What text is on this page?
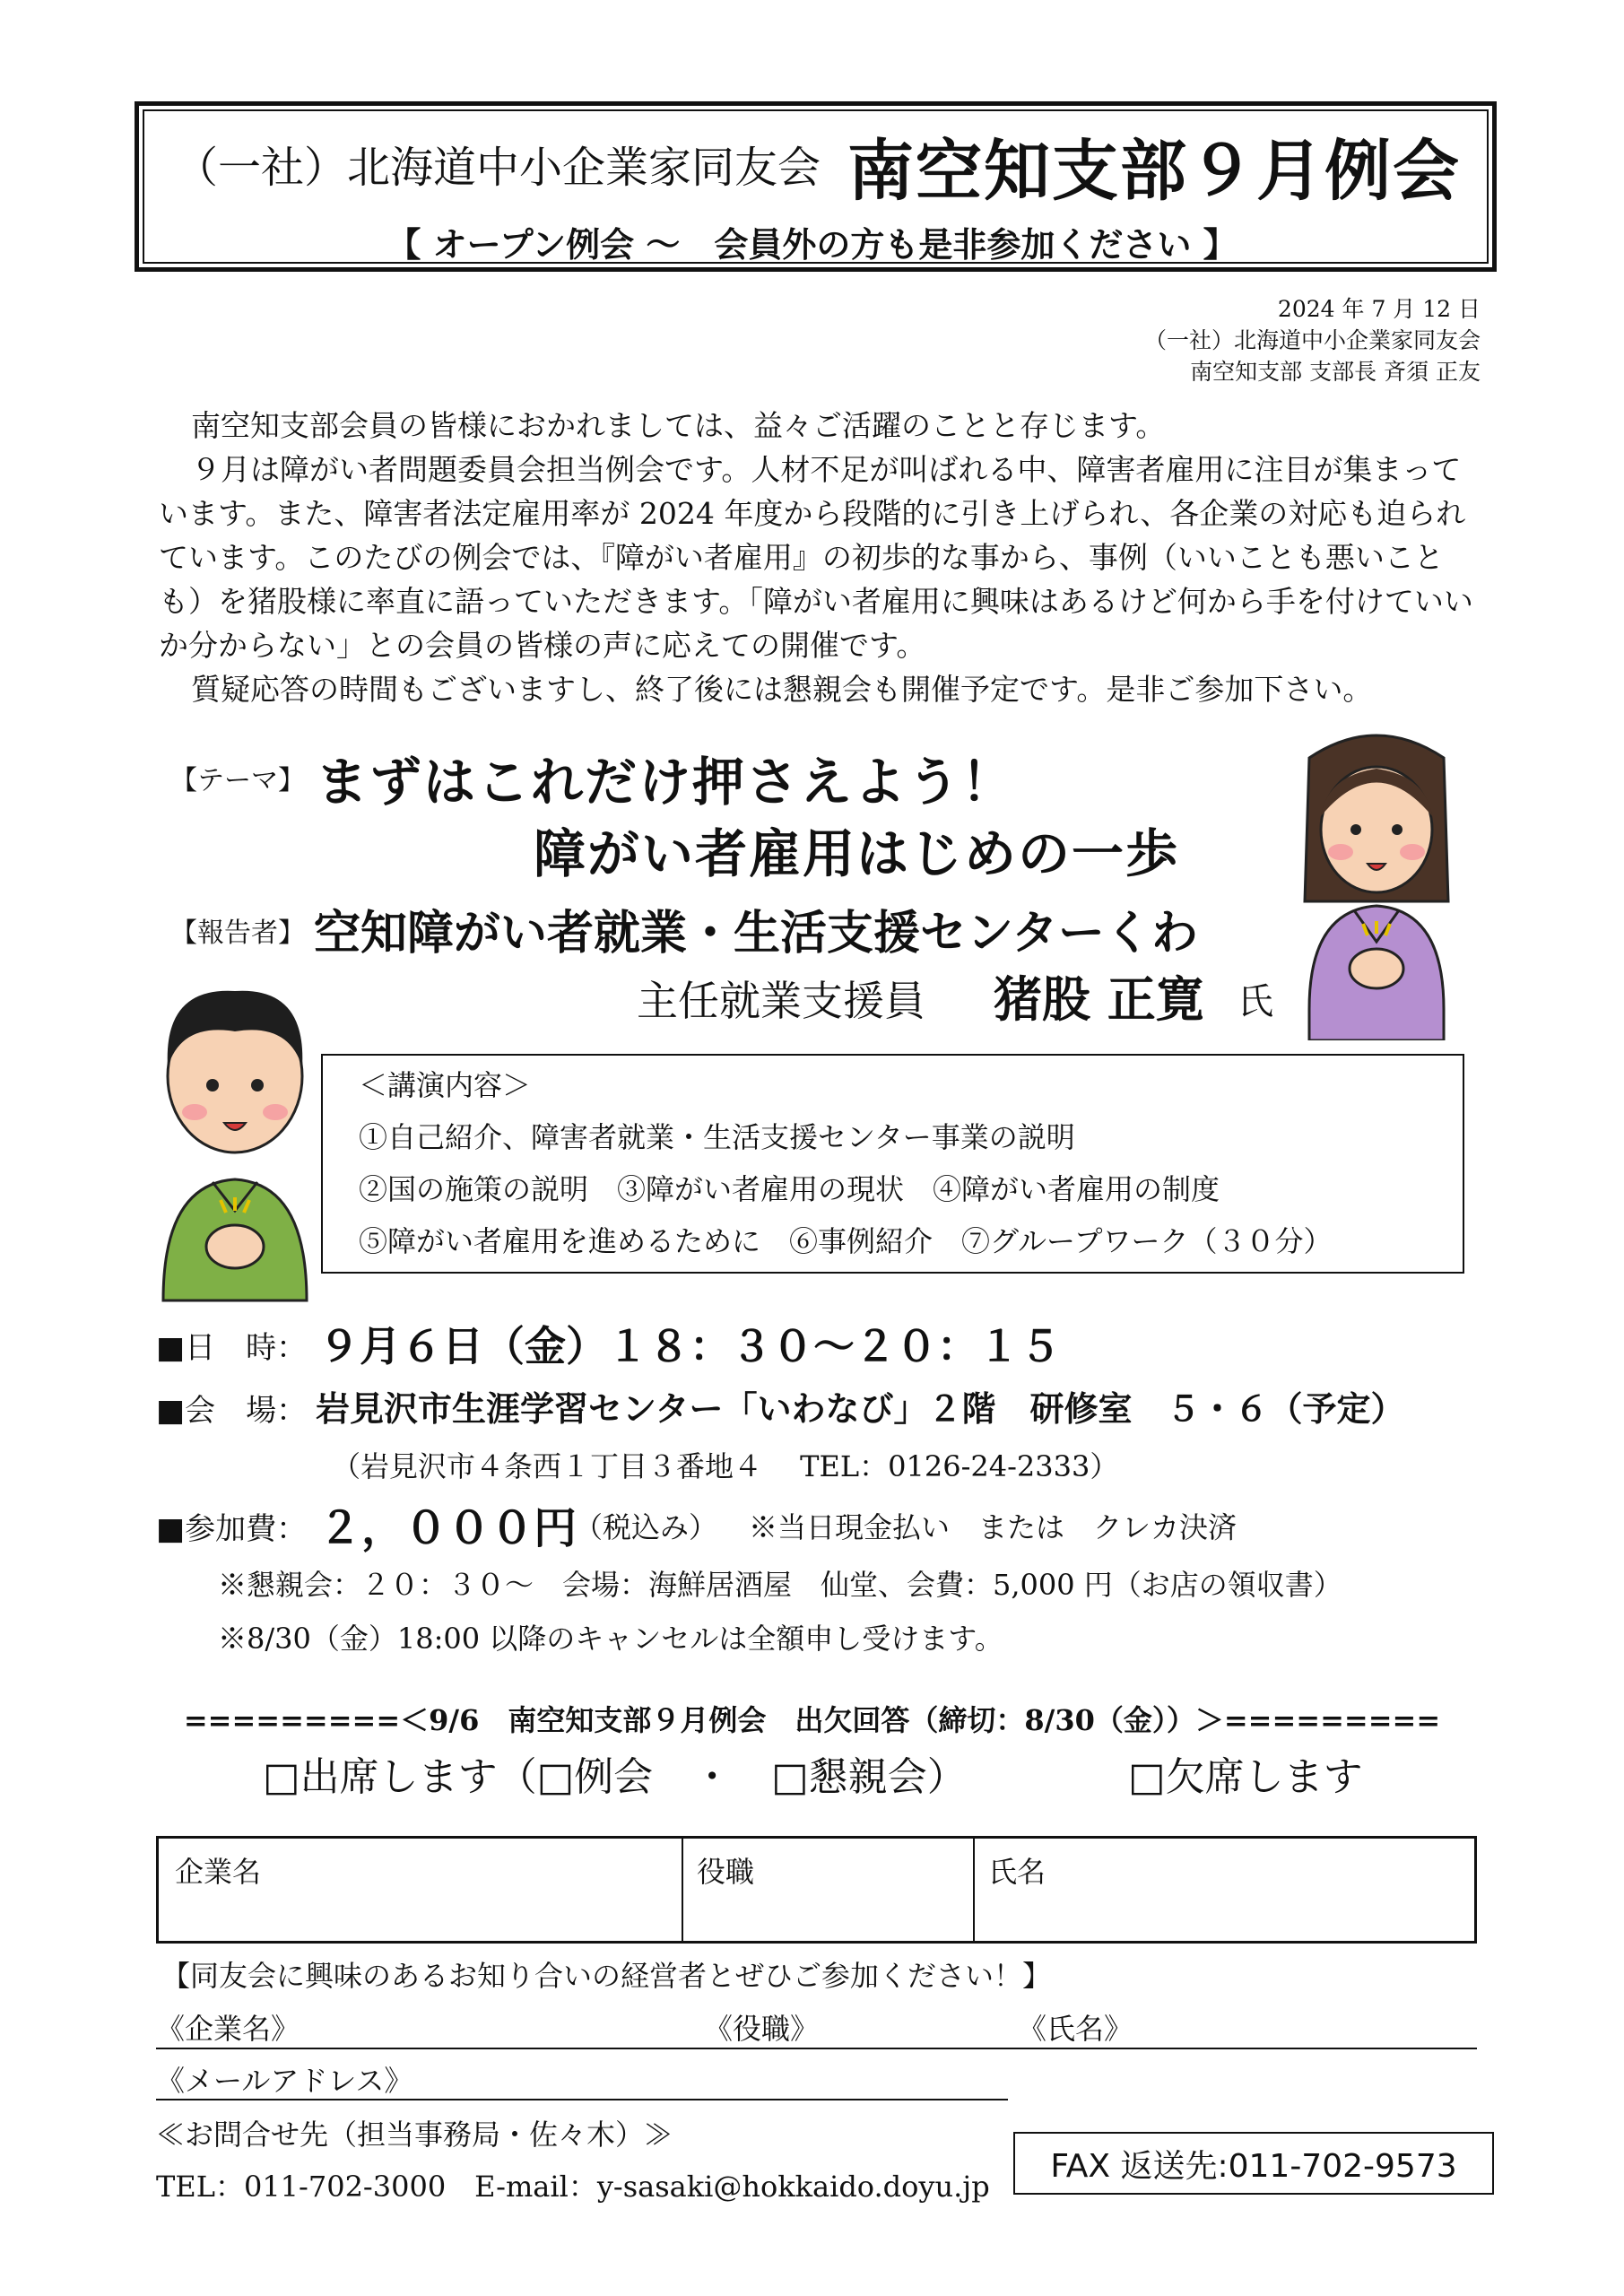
（一社）北海道中小企業家同友会 南空知支部９月例会
【 オープン例会 〜　会員外の方も是非参加ください 】
2024 年 7 月 12 日
（一社）北海道中小企業家同友会
南空知支部 支部長 斉須 正友

南空知支部会員の皆様におかれましては、益々ご活躍のことと存じます。

９月は障がい者問題委員会担当例会です。人材不足が叫ばれる中、障害者雇用に注目が集まっています。また、障害者法定雇用率が 2024 年度から段階的に引き上げられ、各企業の対応も迫られています。このたびの例会では、『障がい者雇用』の初歩的な事から、事例（いいことも悪いことも）を猪股様に率直に語っていただきます。「障がい者雇用に興味はあるけど何から手を付けていいか分からない」との会員の皆様の声に応えての開催です。

質疑応答の時間もございますし、終了後には懇親会も開催予定です。是非ご参加下さい。

【テーマ】 まずはこれだけ押さえよう！
障がい者雇用はじめの一歩
【報告者】 空知障がい者就業・生活支援センターくわ
主任就業支援員 猪股 正寛 氏
＜講演内容＞
①自己紹介、障害者就業・生活支援センター事業の説明
②国の施策の説明　③障がい者雇用の現状　④障がい者雇用の制度
⑤障がい者雇用を進めるために　⑥事例紹介　⑦グループワーク（３０分）
■日　時： ９月６日（金）１８：３０〜２０：１５
■会　場： 岩見沢市生涯学習センター「いわなび」２階　研修室　５・６（予定）
（岩見沢市４条西１丁目３番地４　 TEL：0126-24-2333）
■参加費： ２，０００円
（税込み） ※当日現金払い　または　クレカ決済
※懇親会：２０：３０〜　会場：海鮮居酒屋　仙堂、会費：5,000 円（お店の領収書）
※8/30（金）18:00 以降のキャンセルは全額申し受けます。
=========＜9/6　南空知支部９月例会　出欠回答（締切：8/30（金））＞=========
□出席します（□例会　・　□懇親会）	□欠席します
企業名	役職	氏名
【同友会に興味のあるお知り合いの経営者とぜひご参加ください！】
《企業名》	《役職》	《氏名》
《メールアドレス》
≪お問合せ先（担当事務局・佐々木）≫
TEL：011-702-3000　E-mail：y-sasaki@hokkaido.doyu.jp
FAX 返送先:011-702-9573
